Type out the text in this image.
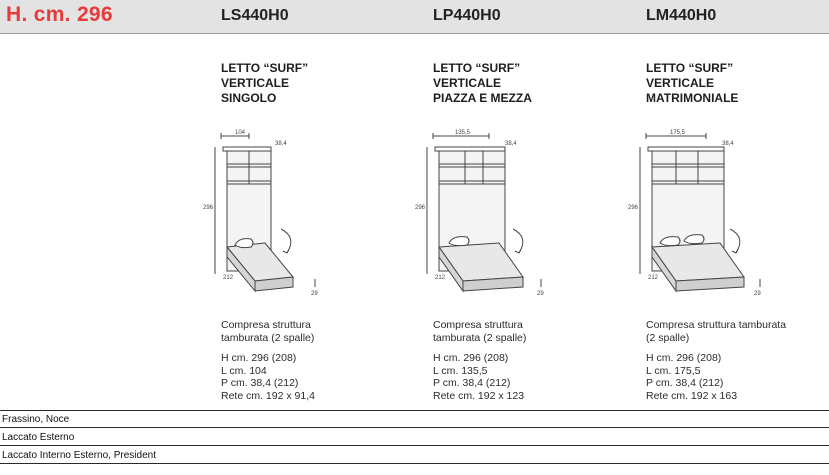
H. cm. 296	LS440H0	LP440H0	LM440H0
LETTO “SURF”
VERTICALE
SINGOLO
104
38,4
296
212
29
Compresa struttura
tamburata (2 spalle)
H cm. 296 (208)
L cm. 104
P cm. 38,4 (212)
Rete cm. 192 x 91,4
LETTO “SURF”
VERTICALE
PIAZZA E MEZZA
135,5
38,4
296
212
29
Compresa struttura
tamburata (2 spalle)
H cm. 296 (208)
L cm. 135,5
P cm. 38,4 (212)
Rete cm. 192 x 123
LETTO “SURF”
VERTICALE
MATRIMONIALE
175,5
38,4
296
212
29
Compresa struttura tamburata
(2 spalle)
H cm. 296 (208)
L cm. 175,5
P cm. 38,4 (212)
Rete cm. 192 x 163
Frassino, Noce
Laccato Esterno
Laccato Interno Esterno, President
